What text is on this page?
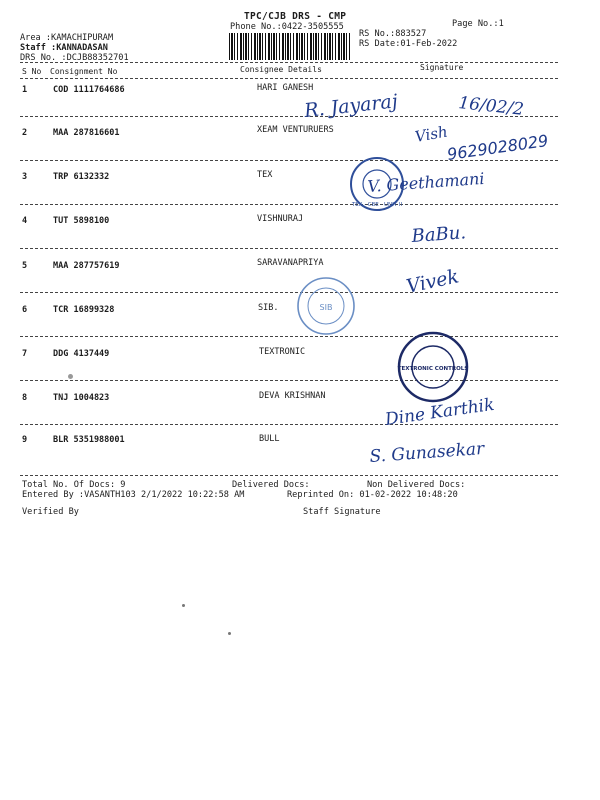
TPC/CJB DRS - CMP
Phone No.:0422-3505555	Page No.:1
Area :KAMACHIPURAM
Staff :KANNADASAN
DRS No. :DCJB88352701
RS No.:883527
RS Date:01-Feb-2022
S No Consignment No	Consignee Details	Signature
1	COD 1111764686	HARI GANESH
2	MAA 287816601	XEAM VENTURUERS
3	TRP 6132332	TEX
4	TUT 5898100	VISHNURAJ
5	MAA 287757619	SARAVANAPRIYA
6	TCR 16899328	SIB.
7	DDG 4137449	TEXTRONIC
8	TNJ 1004823	DEVA KRISHNAN
9	BLR 5351988001	BULL
Total No. Of Docs: 9	Delivered Docs:	Non Delivered Docs:
Entered By :VASANTH103 2/1/2022 10:22:58 AM	Reprinted On: 01-02-2022 10:48:20
Verified By	Staff Signature
R. Jayaraj	16/02/2
Vish
9629028029
TEX · CBE · UNIT II
V. Geethamani
BaBu.
Vivek
SIB
TEXTRONIC CONTROLS
Dine Karthik
S. Gunasekar
